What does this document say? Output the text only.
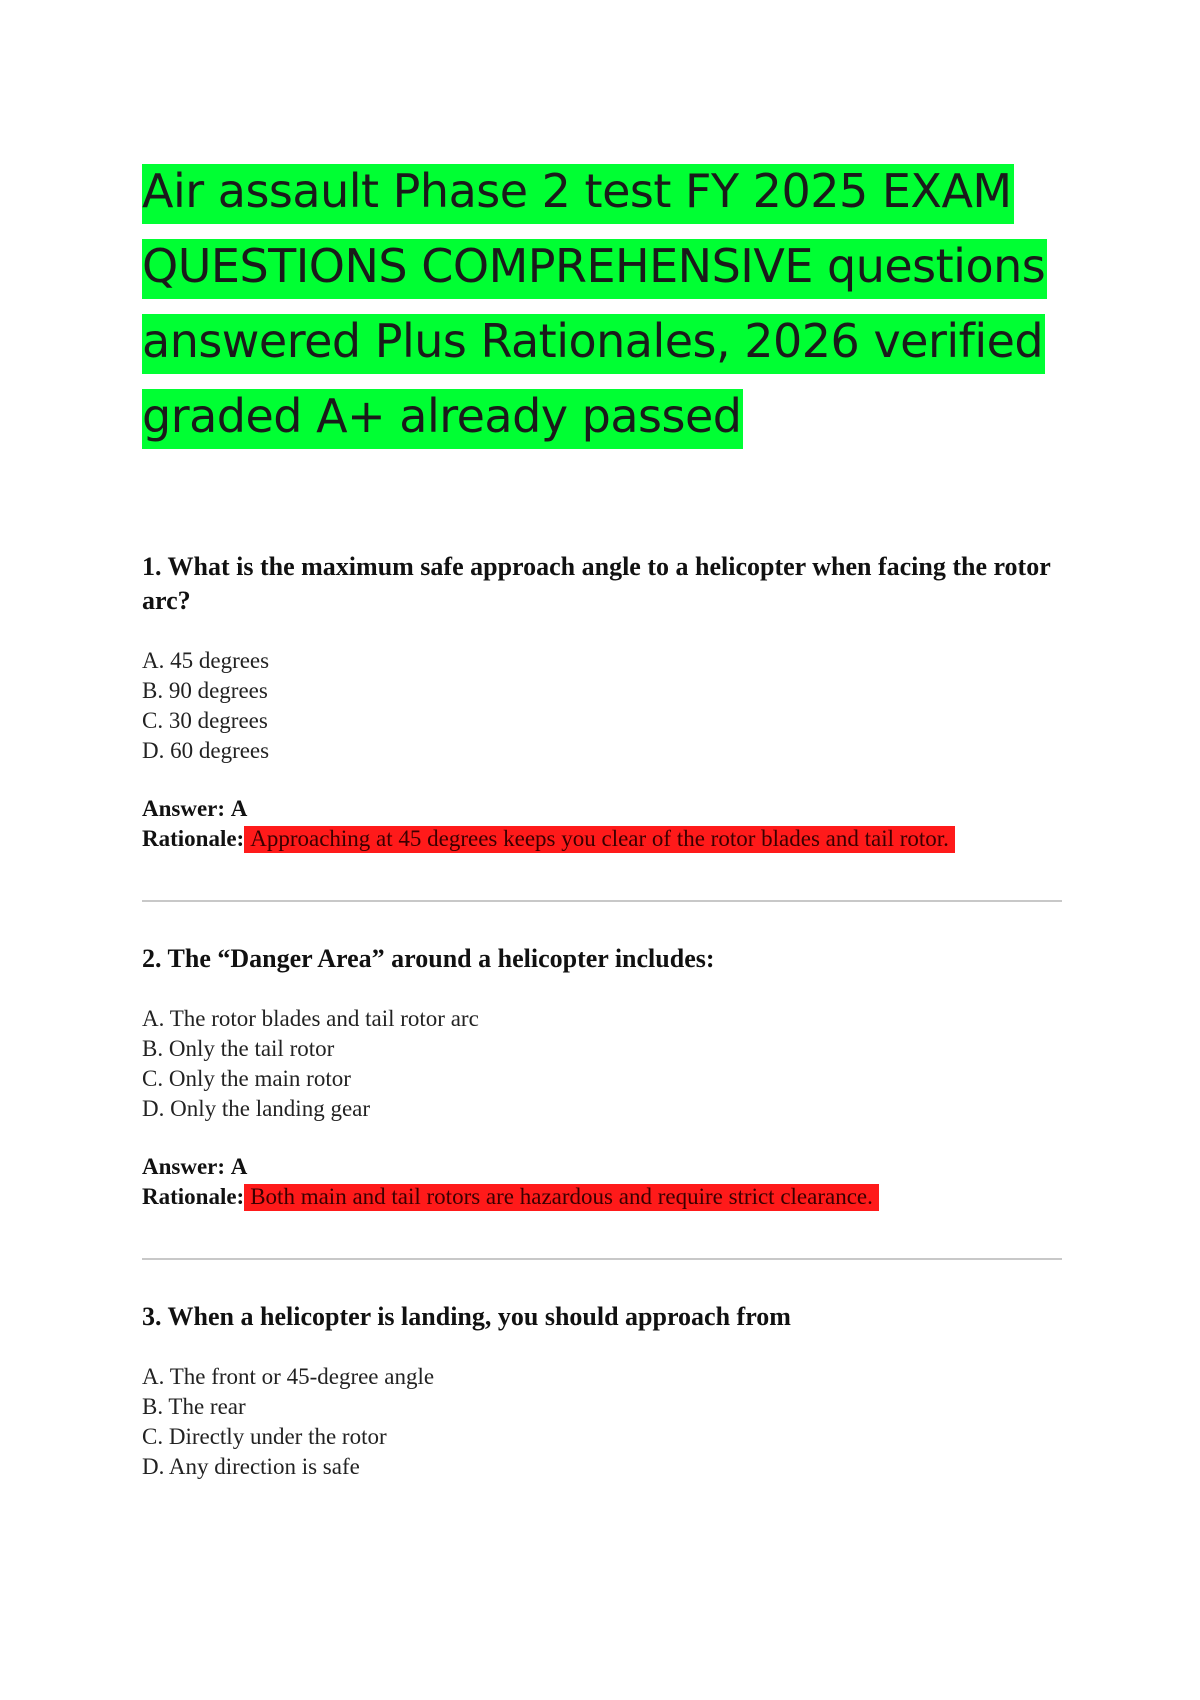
Air assault Phase 2 test FY 2025 EXAM
QUESTIONS COMPREHENSIVE questions
answered Plus Rationales, 2026 verified
graded A+ already passed

1. What is the maximum safe approach angle to a helicopter when facing the rotor arc?

A. 45 degrees
B. 90 degrees
C. 30 degrees
D. 60 degrees
Answer: A
Rationale: Approaching at 45 degrees keeps you clear of the rotor blades and tail rotor.

2. The “Danger Area” around a helicopter includes:

A. The rotor blades and tail rotor arc
B. Only the tail rotor
C. Only the main rotor
D. Only the landing gear
Answer: A
Rationale: Both main and tail rotors are hazardous and require strict clearance.

3. When a helicopter is landing, you should approach from

A. The front or 45-degree angle
B. The rear
C. Directly under the rotor
D. Any direction is safe
